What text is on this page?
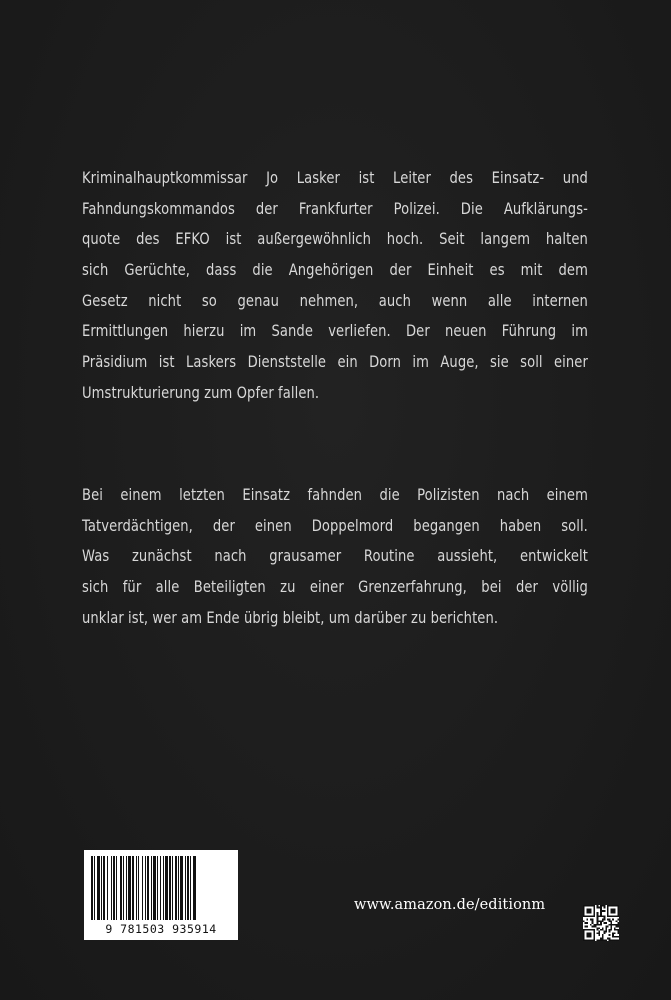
Kriminalhauptkommissar Jo Lasker ist Leiter des Einsatz- und
Fahndungskommandos der Frankfurter Polizei. Die Aufklärungs-
quote des EFKO ist außergewöhnlich hoch. Seit langem halten
sich Gerüchte, dass die Angehörigen der Einheit es mit dem
Gesetz nicht so genau nehmen, auch wenn alle internen
Ermittlungen hierzu im Sande verliefen. Der neuen Führung im
Präsidium ist Laskers Dienststelle ein Dorn im Auge, sie soll einer
Umstrukturierung zum Opfer fallen.
Bei einem letzten Einsatz fahnden die Polizisten nach einem
Tatverdächtigen, der einen Doppelmord begangen haben soll.
Was zunächst nach grausamer Routine aussieht, entwickelt
sich für alle Beteiligten zu einer Grenzerfahrung, bei der völlig
unklar ist, wer am Ende übrig bleibt, um darüber zu berichten.
9 781503 935914
www.amazon.de/editionm
